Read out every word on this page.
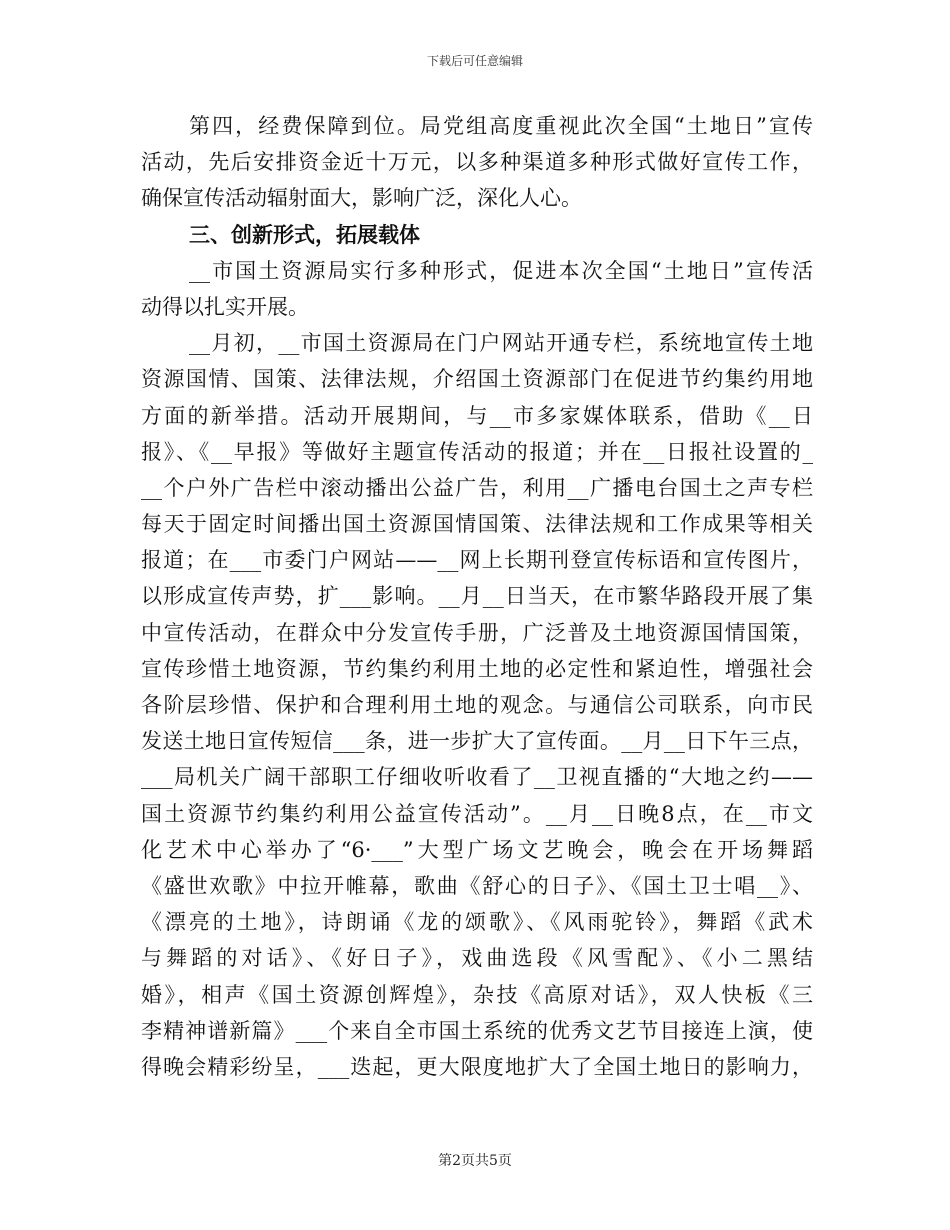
下载后可任意编辑
第四，经费保障到位。局党组高度重视此次全国“土地日”宣传
活动，先后安排资金近十万元，以多种渠道多种形式做好宣传工作，
确保宣传活动辐射面大，影响广泛，深化人心。
三、创新形式，拓展载体
__市国土资源局实行多种形式，促进本次全国“土地日”宣传活
动得以扎实开展。
__月初，__市国土资源局在门户网站开通专栏，系统地宣传土地
资源国情、国策、法律法规，介绍国土资源部门在促进节约集约用地
方面的新举措。活动开展期间，与__市多家媒体联系，借助《__日
报》、《__早报》等做好主题宣传活动的报道；并在__日报社设置的_
__个户外广告栏中滚动播出公益广告，利用__广播电台国土之声专栏
每天于固定时间播出国土资源国情国策、法律法规和工作成果等相关
报道；在___市委门户网站——__网上长期刊登宣传标语和宣传图片，
以形成宣传声势，扩___影响。__月__日当天，在市繁华路段开展了集
中宣传活动，在群众中分发宣传手册，广泛普及土地资源国情国策，
宣传珍惜土地资源，节约集约利用土地的必定性和紧迫性，增强社会
各阶层珍惜、保护和合理利用土地的观念。与通信公司联系，向市民
发送土地日宣传短信___条，进一步扩大了宣传面。__月__日下午三点，
___局机关广阔干部职工仔细收听收看了__卫视直播的“大地之约——
国土资源节约集约利用公益宣传活动”。__月__日晚8点，在__市文
化艺术中心举办了“6·___”大型广场文艺晚会，晚会在开场舞蹈
《盛世欢歌》中拉开帷幕，歌曲《舒心的日子》、《国土卫士唱__》、
《漂亮的土地》，诗朗诵《龙的颂歌》、《风雨驼铃》，舞蹈《武术
与舞蹈的对话》、《好日子》，戏曲选段《风雪配》、《小二黑结
婚》，相声《国土资源创辉煌》，杂技《高原对话》，双人快板《三
李精神谱新篇》___个来自全市国土系统的优秀文艺节目接连上演，使
得晚会精彩纷呈，___迭起，更大限度地扩大了全国土地日的影响力，
第2页共5页
